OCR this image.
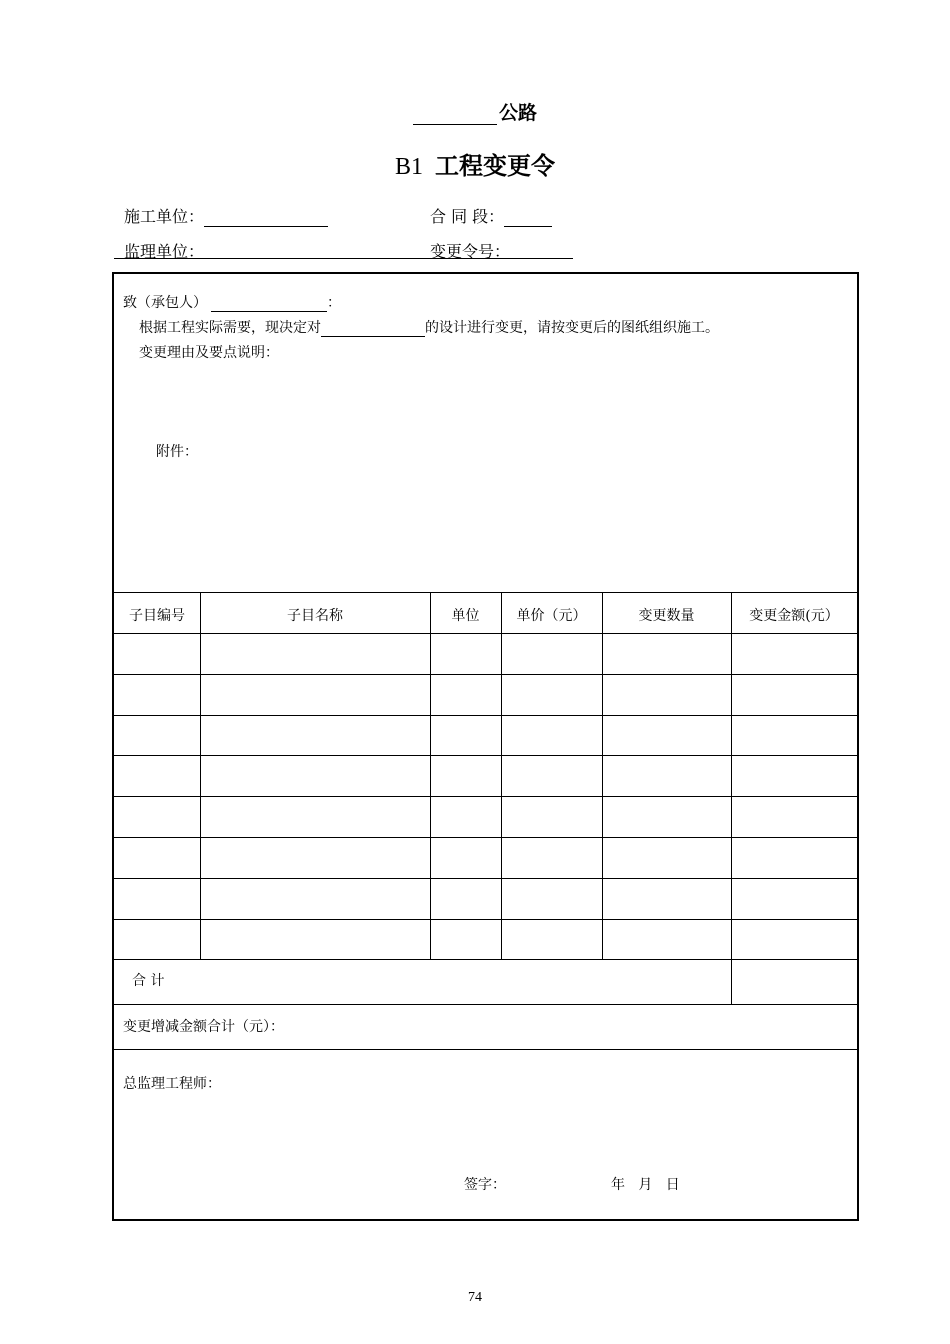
公路
B1 工程变更令
施工单位：	合 同 段：
监理单位：	变更令号：
致（承包人）	：
根据工程实际需要，现决定对	的设计进行变更，请按变更后的图纸组织施工。
变更理由及要点说明：
附件：
子目编号	子目名称	单位	单价（元）	变更数量	变更金额(元）
合 计
变更增减金额合计（元）：
总监理工程师：
签字：	年   月   日
74
